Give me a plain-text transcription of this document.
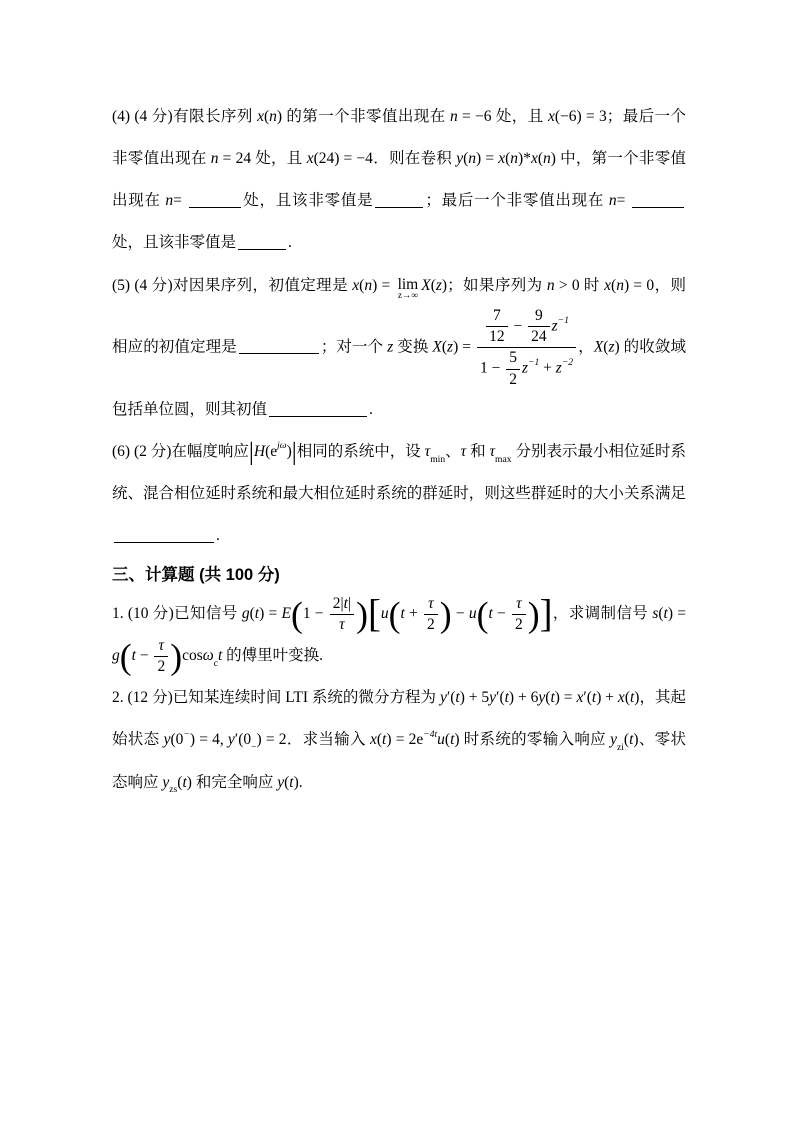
(4) (4 分)有限长序列 x(n) 的第一个非零值出现在 n = −6 处，且 x(−6) = 3；最后一个非零值出现在 n = 24 处，且 x(24) = −4．则在卷积 y(n) = x(n)*x(n) 中，第一个非零值出现在 n=	处，且该非零值是	；最后一个非零值出现在 n= 处，且该非零值是	.

(5) (4 分)对因果序列，初值定理是 x(n) = lim
z→∞
X(z)；如果序列为 n > 0 时 x(n) = 0，则相应的初值定理是	；对一个 z 变换 $X(z) = \frac{\frac{7}{12} - \frac{9}{24} z^{-1}}{1 - \frac{5}{2} z^{-1} + z^{-2}}$ ，X(z) 的收敛域包括单位圆，则其初值	.

(6) (2 分)在幅度响应$|H(e^{j\omega})|$相同的系统中，设 $\tau_{min}$、τ 和 $\tau_{max}$ 分别表示最小相位延时系统、混合相位延时系统和最大相位延时系统的群延时，则这些群延时的大小关系满足.

三、计算题 (共 100 分)

1. (10 分)已知信号 $g(t) = E(1 - \frac{2|t|}{\tau} )[u(t + \frac{\tau}{2}$ ) − $u(t - \frac{\tau}{2}$ )]，求调制信号 $s(t) = g(t - \frac{\tau}{2} )\cos\omega_ct$ 的傅里叶变换.

2. (12 分)已知某连续时间 LTI 系统的微分方程为 y′(t) + 5y′(t) + 6y(t) = x′(t) + x(t)，其起始状态 y(0−) = 4, $y'(0_-) = 2$．求当输入 $x(t) = 2e^{-4t}u(t)$ 时系统的零输入响应 $y_{zi}(t)$、零状态响应 $y_{zs}(t)$ 和完全响应 y(t).
